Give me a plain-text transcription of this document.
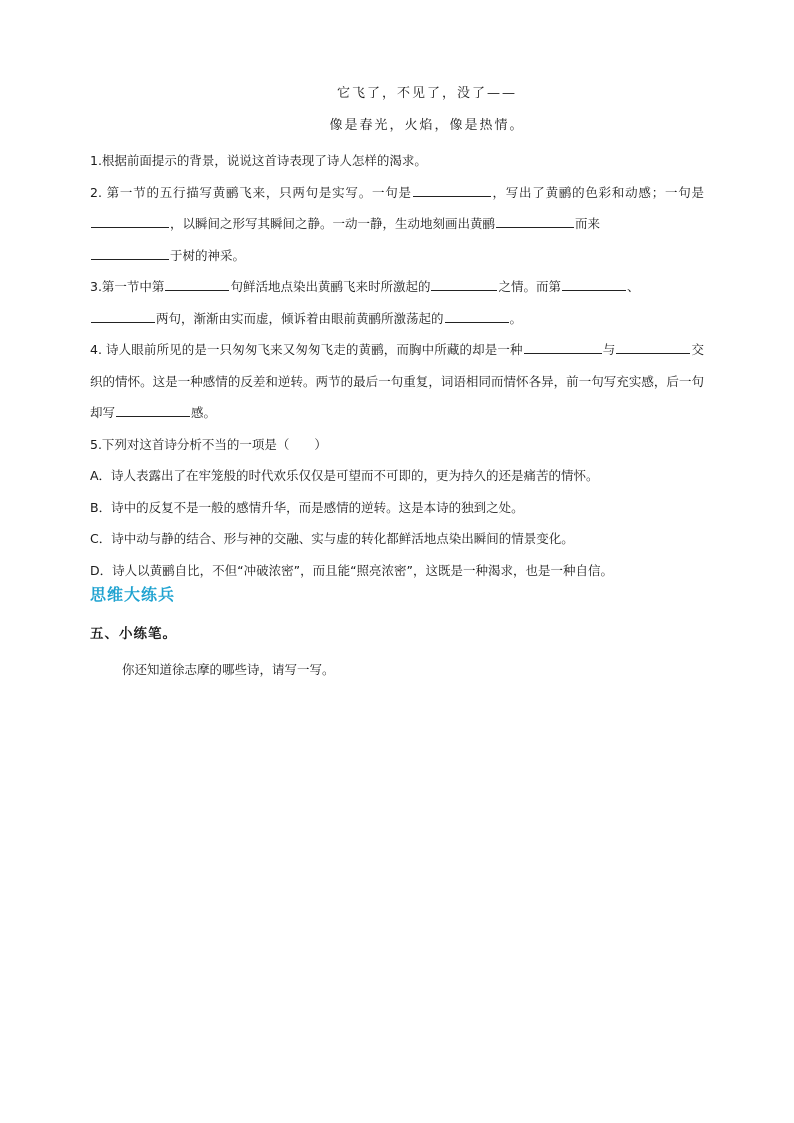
它飞了，不见了，没了——
像是春光，火焰，像是热情。

1.根据前面提示的背景，说说这首诗表现了诗人怎样的渴求。

2. 第一节的五行描写黄鹂飞来，只两句是实写。一句是	，写出了黄鹂的色彩和动感；一句是，以瞬间之形写其瞬间之静。一动一静，生动地刻画出黄鹂	而来
于树的神采。

3.第一节中第	句鲜活地点染出黄鹂飞来时所激起的	之情。而第	、
两句，渐渐由实而虚，倾诉着由眼前黄鹂所激荡起的	。

4. 诗人眼前所见的是一只匆匆飞来又匆匆飞走的黄鹂，而胸中所藏的却是一种	与	交织的情怀。这是一种感情的反差和逆转。两节的最后一句重复，词语相同而情怀各异，前一句写充实感，后一句却写	感。

5.下列对这首诗分析不当的一项是（　　）

A．诗人表露出了在牢笼般的时代欢乐仅仅是可望而不可即的，更为持久的还是痛苦的情怀。

B．诗中的反复不是一般的感情升华，而是感情的逆转。这是本诗的独到之处。

C．诗中动与静的结合、形与神的交融、实与虚的转化都鲜活地点染出瞬间的情景变化。

D．诗人以黄鹂自比，不但“冲破浓密”，而且能“照亮浓密”，这既是一种渴求，也是一种自信。

思维大练兵
五、小练笔。
你还知道徐志摩的哪些诗，请写一写。
